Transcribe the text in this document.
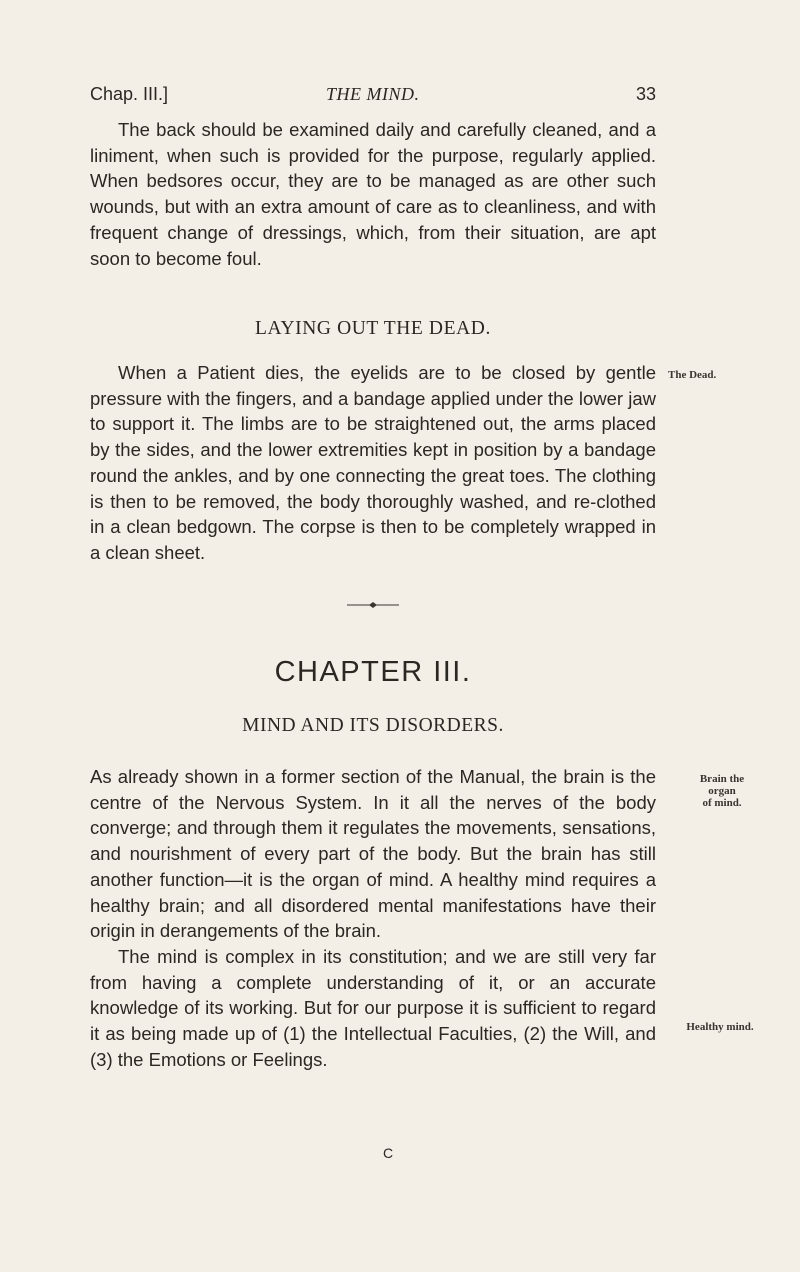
Chap. III.]	THE MIND.	33

The back should be examined daily and carefully cleaned, and a liniment, when such is provided for the purpose, regularly applied. When bedsores occur, they are to be managed as are other such wounds, but with an extra amount of care as to cleanliness, and with frequent change of dressings, which, from their situation, are apt soon to become foul.

LAYING OUT THE DEAD.

When a Patient dies, the eyelids are to be closed by gentle pressure with the fingers, and a bandage applied under the lower jaw to support it. The limbs are to be straightened out, the arms placed by the sides, and the lower extremities kept in position by a bandage round the ankles, and by one connecting the great toes. The clothing is then to be removed, the body thoroughly washed, and re-clothed in a clean bedgown. The corpse is then to be completely wrapped in a clean sheet.

The Dead.
CHAPTER III.
MIND AND ITS DISORDERS.

As already shown in a former section of the Manual, the brain is the centre of the Nervous System. In it all the nerves of the body converge; and through them it regulates the movements, sensations, and nourishment of every part of the body. But the brain has still another function—it is the organ of mind. A healthy mind requires a healthy brain; and all disordered mental manifestations have their origin in derangements of the brain.

The mind is complex in its constitution; and we are still very far from having a complete understanding of it, or an accurate knowledge of its working. But for our purpose it is sufficient to regard it as being made up of (1) the Intellectual Faculties, (2) the Will, and (3) the Emotions or Feelings.

Brain the
organ
of mind.
Healthy mind.
C
